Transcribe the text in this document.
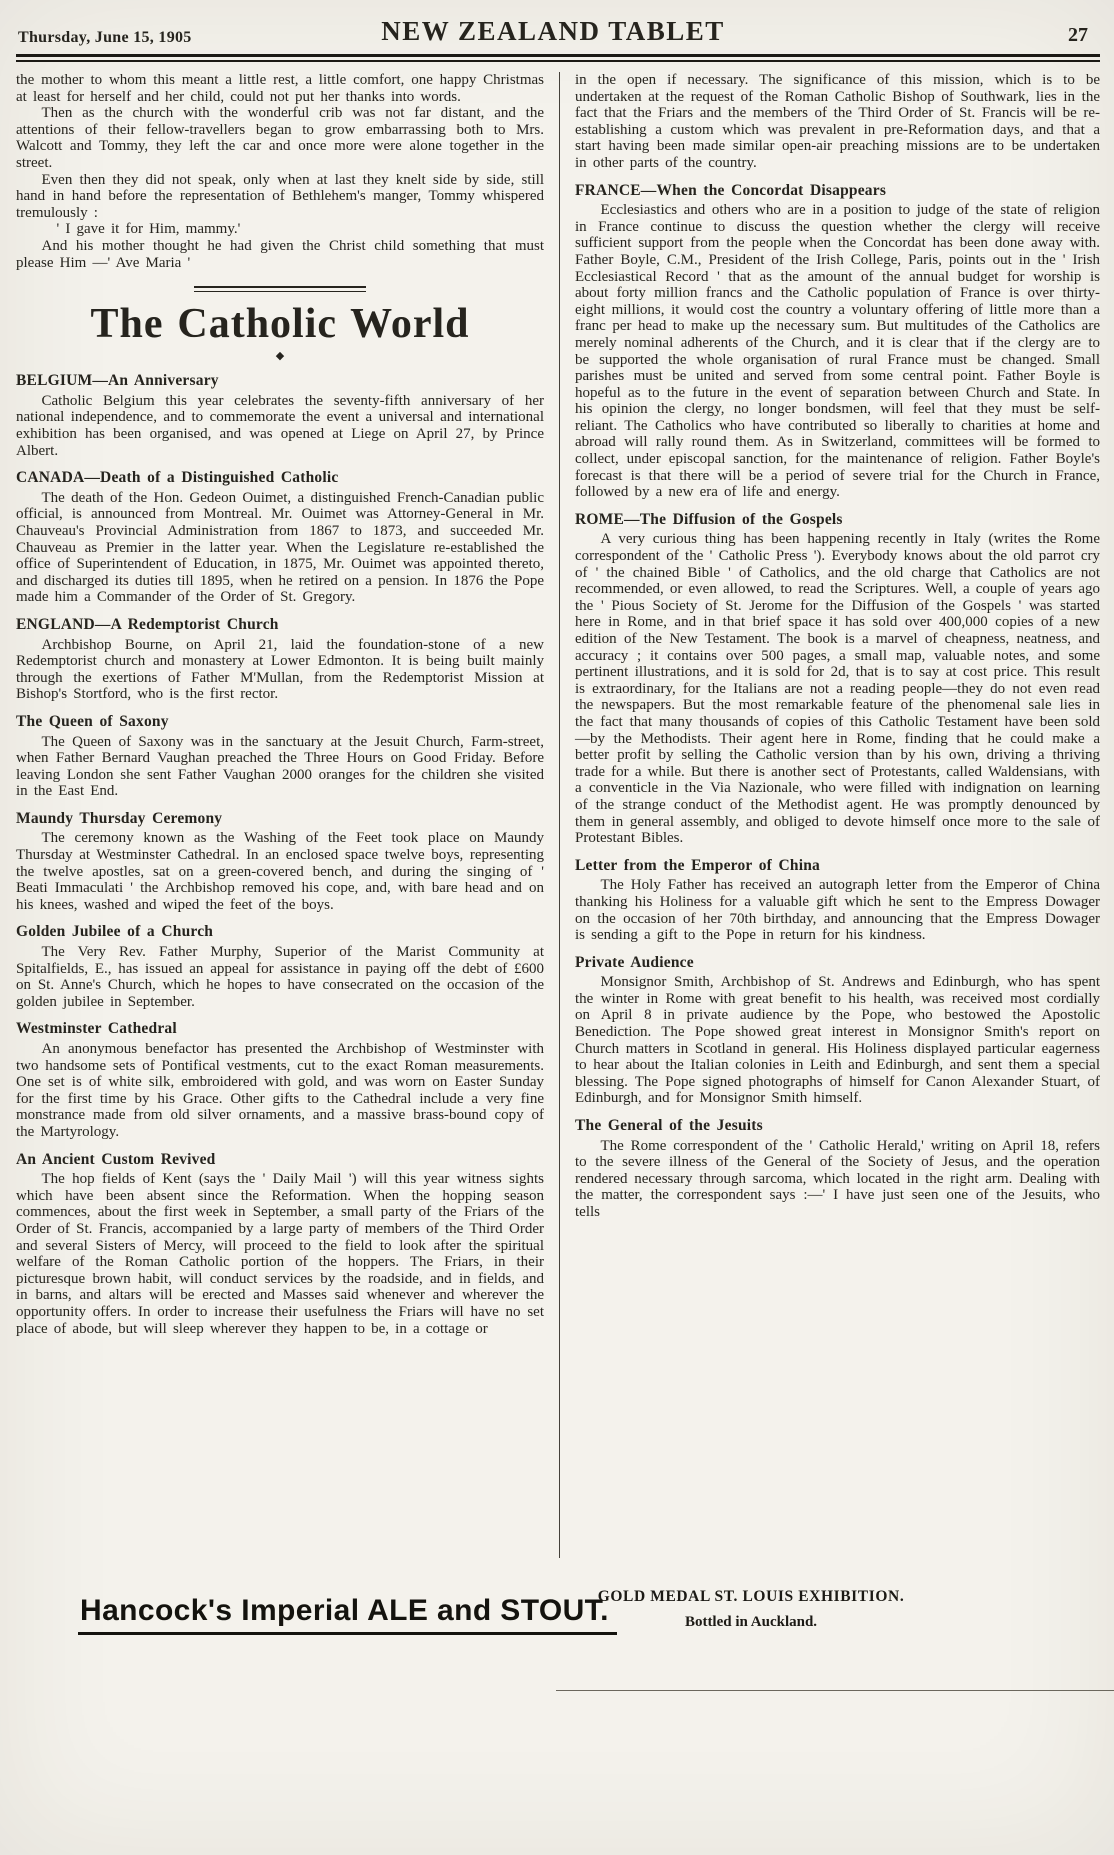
Thursday, June 15, 1905	NEW ZEALAND TABLET	27

the mother to whom this meant a little rest, a little comfort, one happy Christmas at least for herself and her child, could not put her thanks into words.

Then as the church with the wonderful crib was not far distant, and the attentions of their fellow-travellers began to grow embarrassing both to Mrs. Walcott and Tommy, they left the car and once more were alone together in the street.

Even then they did not speak, only when at last they knelt side by side, still hand in hand before the representation of Bethlehem's manger, Tommy whispered tremulously :

' I gave it for Him, mammy.'

And his mother thought he had given the Christ child something that must please Him —' Ave Maria '

The Catholic World
◆
BELGIUM—An Anniversary

Catholic Belgium this year celebrates the seventy-fifth anniversary of her national independence, and to commemorate the event a universal and international exhibition has been organised, and was opened at Liege on April 27, by Prince Albert.

CANADA—Death of a Distinguished Catholic

The death of the Hon. Gedeon Ouimet, a distinguished French-Canadian public official, is announced from Montreal. Mr. Ouimet was Attorney-General in Mr. Chauveau's Provincial Administration from 1867 to 1873, and succeeded Mr. Chauveau as Premier in the latter year. When the Legislature re-established the office of Superintendent of Education, in 1875, Mr. Ouimet was appointed thereto, and discharged its duties till 1895, when he retired on a pension. In 1876 the Pope made him a Commander of the Order of St. Gregory.

ENGLAND—A Redemptorist Church

Archbishop Bourne, on April 21, laid the foundation-stone of a new Redemptorist church and monastery at Lower Edmonton. It is being built mainly through the exertions of Father M'Mullan, from the Redemptorist Mission at Bishop's Stortford, who is the first rector.

The Queen of Saxony

The Queen of Saxony was in the sanctuary at the Jesuit Church, Farm-street, when Father Bernard Vaughan preached the Three Hours on Good Friday. Before leaving London she sent Father Vaughan 2000 oranges for the children she visited in the East End.

Maundy Thursday Ceremony

The ceremony known as the Washing of the Feet took place on Maundy Thursday at Westminster Cathedral. In an enclosed space twelve boys, representing the twelve apostles, sat on a green-covered bench, and during the singing of ' Beati Immaculati ' the Archbishop removed his cope, and, with bare head and on his knees, washed and wiped the feet of the boys.

Golden Jubilee of a Church

The Very Rev. Father Murphy, Superior of the Marist Community at Spitalfields, E., has issued an appeal for assistance in paying off the debt of £600 on St. Anne's Church, which he hopes to have consecrated on the occasion of the golden jubilee in September.

Westminster Cathedral

An anonymous benefactor has presented the Archbishop of Westminster with two handsome sets of Pontifical vestments, cut to the exact Roman measurements. One set is of white silk, embroidered with gold, and was worn on Easter Sunday for the first time by his Grace. Other gifts to the Cathedral include a very fine monstrance made from old silver ornaments, and a massive brass-bound copy of the Martyrology.

An Ancient Custom Revived

The hop fields of Kent (says the ' Daily Mail ') will this year witness sights which have been absent since the Reformation. When the hopping season commences, about the first week in September, a small party of the Friars of the Order of St. Francis, accompanied by a large party of members of the Third Order and several Sisters of Mercy, will proceed to the field to look after the spiritual welfare of the Roman Catholic portion of the hoppers. The Friars, in their picturesque brown habit, will conduct services by the roadside, and in fields, and in barns, and altars will be erected and Masses said whenever and wherever the opportunity offers. In order to increase their usefulness the Friars will have no set place of abode, but will sleep wherever they happen to be, in a cottage or

in the open if necessary. The significance of this mission, which is to be undertaken at the request of the Roman Catholic Bishop of Southwark, lies in the fact that the Friars and the members of the Third Order of St. Francis will be re-establishing a custom which was prevalent in pre-Reformation days, and that a start having been made similar open-air preaching missions are to be undertaken in other parts of the country.

FRANCE—When the Concordat Disappears

Ecclesiastics and others who are in a position to judge of the state of religion in France continue to discuss the question whether the clergy will receive sufficient support from the people when the Concordat has been done away with. Father Boyle, C.M., President of the Irish College, Paris, points out in the ' Irish Ecclesiastical Record ' that as the amount of the annual budget for worship is about forty million francs and the Catholic population of France is over thirty-eight millions, it would cost the country a voluntary offering of little more than a franc per head to make up the necessary sum. But multitudes of the Catholics are merely nominal adherents of the Church, and it is clear that if the clergy are to be supported the whole organisation of rural France must be changed. Small parishes must be united and served from some central point. Father Boyle is hopeful as to the future in the event of separation between Church and State. In his opinion the clergy, no longer bondsmen, will feel that they must be self-reliant. The Catholics who have contributed so liberally to charities at home and abroad will rally round them. As in Switzerland, committees will be formed to collect, under episcopal sanction, for the maintenance of religion. Father Boyle's forecast is that there will be a period of severe trial for the Church in France, followed by a new era of life and energy.

ROME—The Diffusion of the Gospels

A very curious thing has been happening recently in Italy (writes the Rome correspondent of the ' Catholic Press '). Everybody knows about the old parrot cry of ' the chained Bible ' of Catholics, and the old charge that Catholics are not recommended, or even allowed, to read the Scriptures. Well, a couple of years ago the ' Pious Society of St. Jerome for the Diffusion of the Gospels ' was started here in Rome, and in that brief space it has sold over 400,000 copies of a new edition of the New Testament. The book is a marvel of cheapness, neatness, and accuracy ; it contains over 500 pages, a small map, valuable notes, and some pertinent illustrations, and it is sold for 2d, that is to say at cost price. This result is extraordinary, for the Italians are not a reading people—they do not even read the newspapers. But the most remarkable feature of the phenomenal sale lies in the fact that many thousands of copies of this Catholic Testament have been sold—by the Methodists. Their agent here in Rome, finding that he could make a better profit by selling the Catholic version than by his own, driving a thriving trade for a while. But there is another sect of Protestants, called Waldensians, with a conventicle in the Via Nazionale, who were filled with indignation on learning of the strange conduct of the Methodist agent. He was promptly denounced by them in general assembly, and obliged to devote himself once more to the sale of Protestant Bibles.

Letter from the Emperor of China

The Holy Father has received an autograph letter from the Emperor of China thanking his Holiness for a valuable gift which he sent to the Empress Dowager on the occasion of her 70th birthday, and announcing that the Empress Dowager is sending a gift to the Pope in return for his kindness.

Private Audience

Monsignor Smith, Archbishop of St. Andrews and Edinburgh, who has spent the winter in Rome with great benefit to his health, was received most cordially on April 8 in private audience by the Pope, who bestowed the Apostolic Benediction. The Pope showed great interest in Monsignor Smith's report on Church matters in Scotland in general. His Holiness displayed particular eagerness to hear about the Italian colonies in Leith and Edinburgh, and sent them a special blessing. The Pope signed photographs of himself for Canon Alexander Stuart, of Edinburgh, and for Monsignor Smith himself.

The General of the Jesuits

The Rome correspondent of the ' Catholic Herald,' writing on April 18, refers to the severe illness of the General of the Society of Jesus, and the operation rendered necessary through sarcoma, which located in the right arm. Dealing with the matter, the correspondent says :—' I have just seen one of the Jesuits, who tells

Hancock's Imperial ALE and STOUT.
GOLD MEDAL ST. LOUIS EXHIBITION.
Bottled in Auckland.
